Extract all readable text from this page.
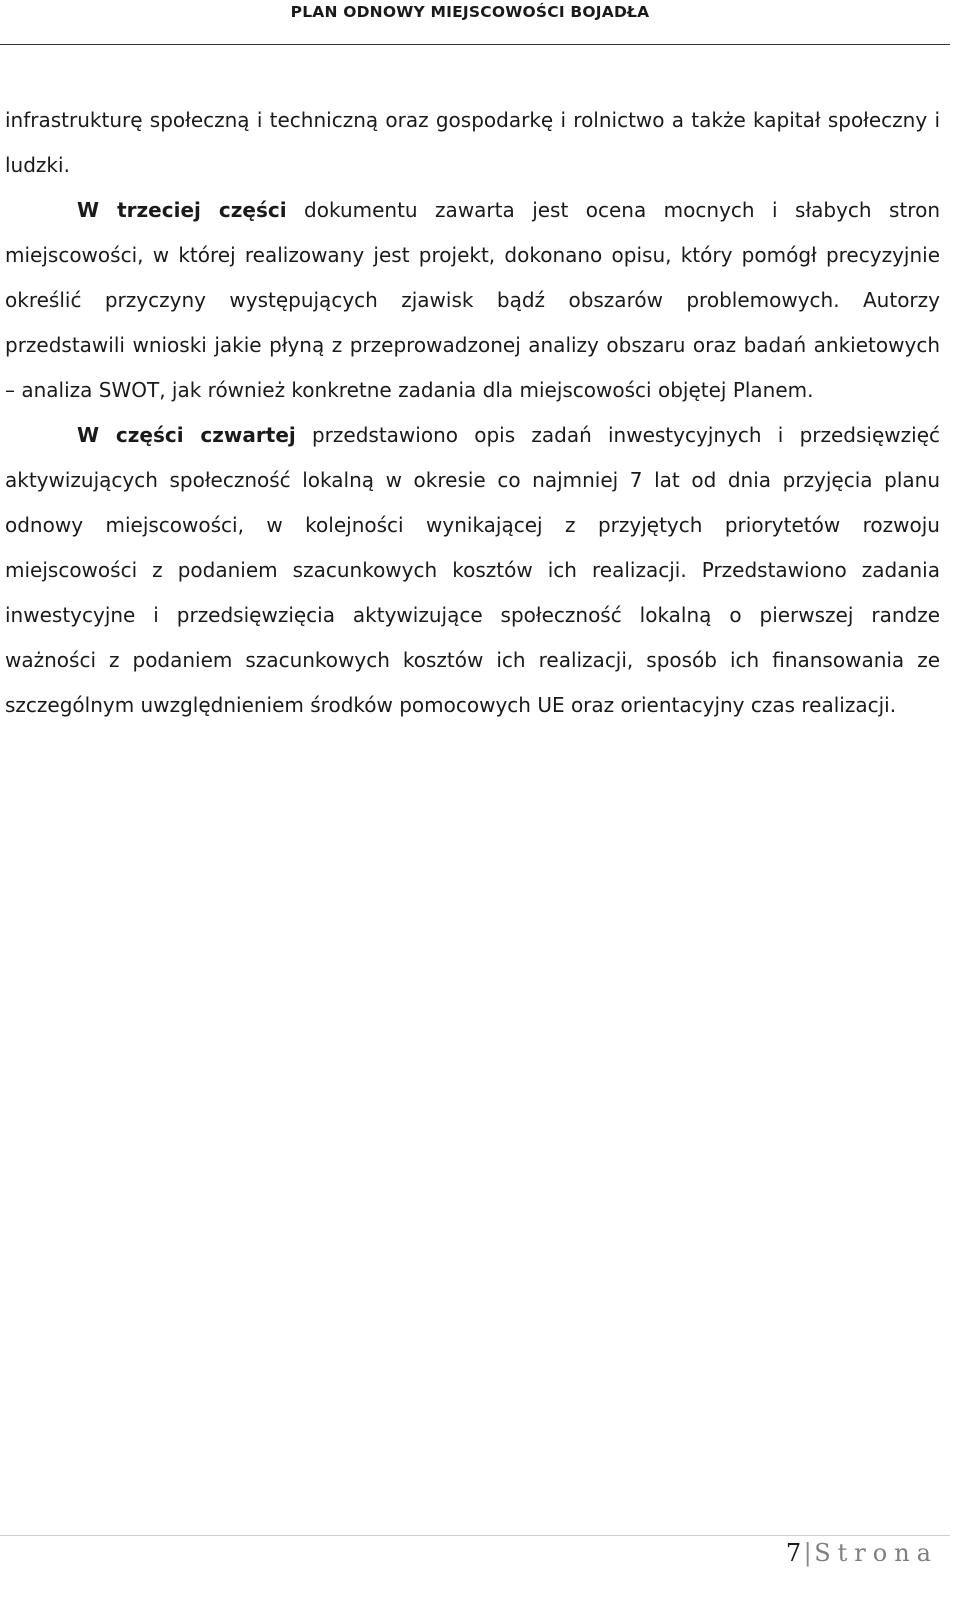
PLAN ODNOWY MIEJSCOWOŚCI BOJADŁA

infrastrukturę społeczną i techniczną oraz gospodarkę i rolnictwo a także kapitał społeczny i ludzki.

W trzeciej części dokumentu zawarta jest ocena mocnych i słabych stron miejscowości, w której realizowany jest projekt, dokonano opisu, który pomógł precyzyjnie określić przyczyny występujących zjawisk bądź obszarów problemowych. Autorzy przedstawili wnioski jakie płyną z przeprowadzonej analizy obszaru oraz badań ankietowych – analiza SWOT, jak również konkretne zadania dla miejscowości objętej Planem.

W części czwartej przedstawiono opis zadań inwestycyjnych i przedsięwzięć aktywizujących społeczność lokalną w okresie co najmniej 7 lat od dnia przyjęcia planu odnowy miejscowości, w kolejności wynikającej z przyjętych priorytetów rozwoju miejscowości z podaniem szacunkowych kosztów ich realizacji. Przedstawiono zadania inwestycyjne i przedsięwzięcia aktywizujące społeczność lokalną o pierwszej randze ważności z podaniem szacunkowych kosztów ich realizacji, sposób ich finansowania ze szczególnym uwzględnieniem środków pomocowych UE oraz orientacyjny czas realizacji.

7|Strona
